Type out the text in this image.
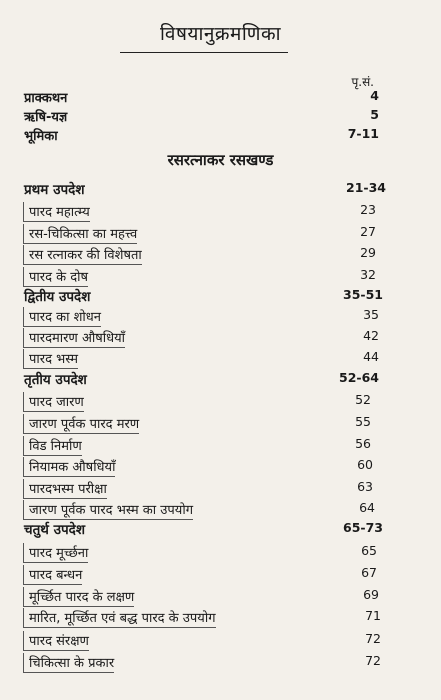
विषयानुक्रमणिका
पृ.सं.
प्राक्कथन	4
ऋषि-यज्ञ	5
भूमिका	7-11
रसरत्नाकर रसखण्ड
प्रथम उपदेश	21-34
पारद महात्म्य	23
रस-चिकित्सा का महत्त्व	27
रस रत्नाकर की विशेषता	29
पारद के दोष	32
द्वितीय उपदेश	35-51
पारद का शोधन	35
पारदमारण औषधियाँ	42
पारद भस्म	44
तृतीय उपदेश	52-64
पारद जारण	52
जारण पूर्वक पारद मरण	55
विड निर्माण	56
नियामक औषधियाँ	60
पारदभस्म परीक्षा	63
जारण पूर्वक पारद भस्म का उपयोग	64
चतुर्थ उपदेश	65-73
पारद मूर्च्छना	65
पारद बन्धन	67
मूर्च्छित पारद के लक्षण	69
मारित, मूर्च्छित एवं बद्ध पारद के उपयोग	71
पारद संरक्षण	72
चिकित्सा के प्रकार	72
